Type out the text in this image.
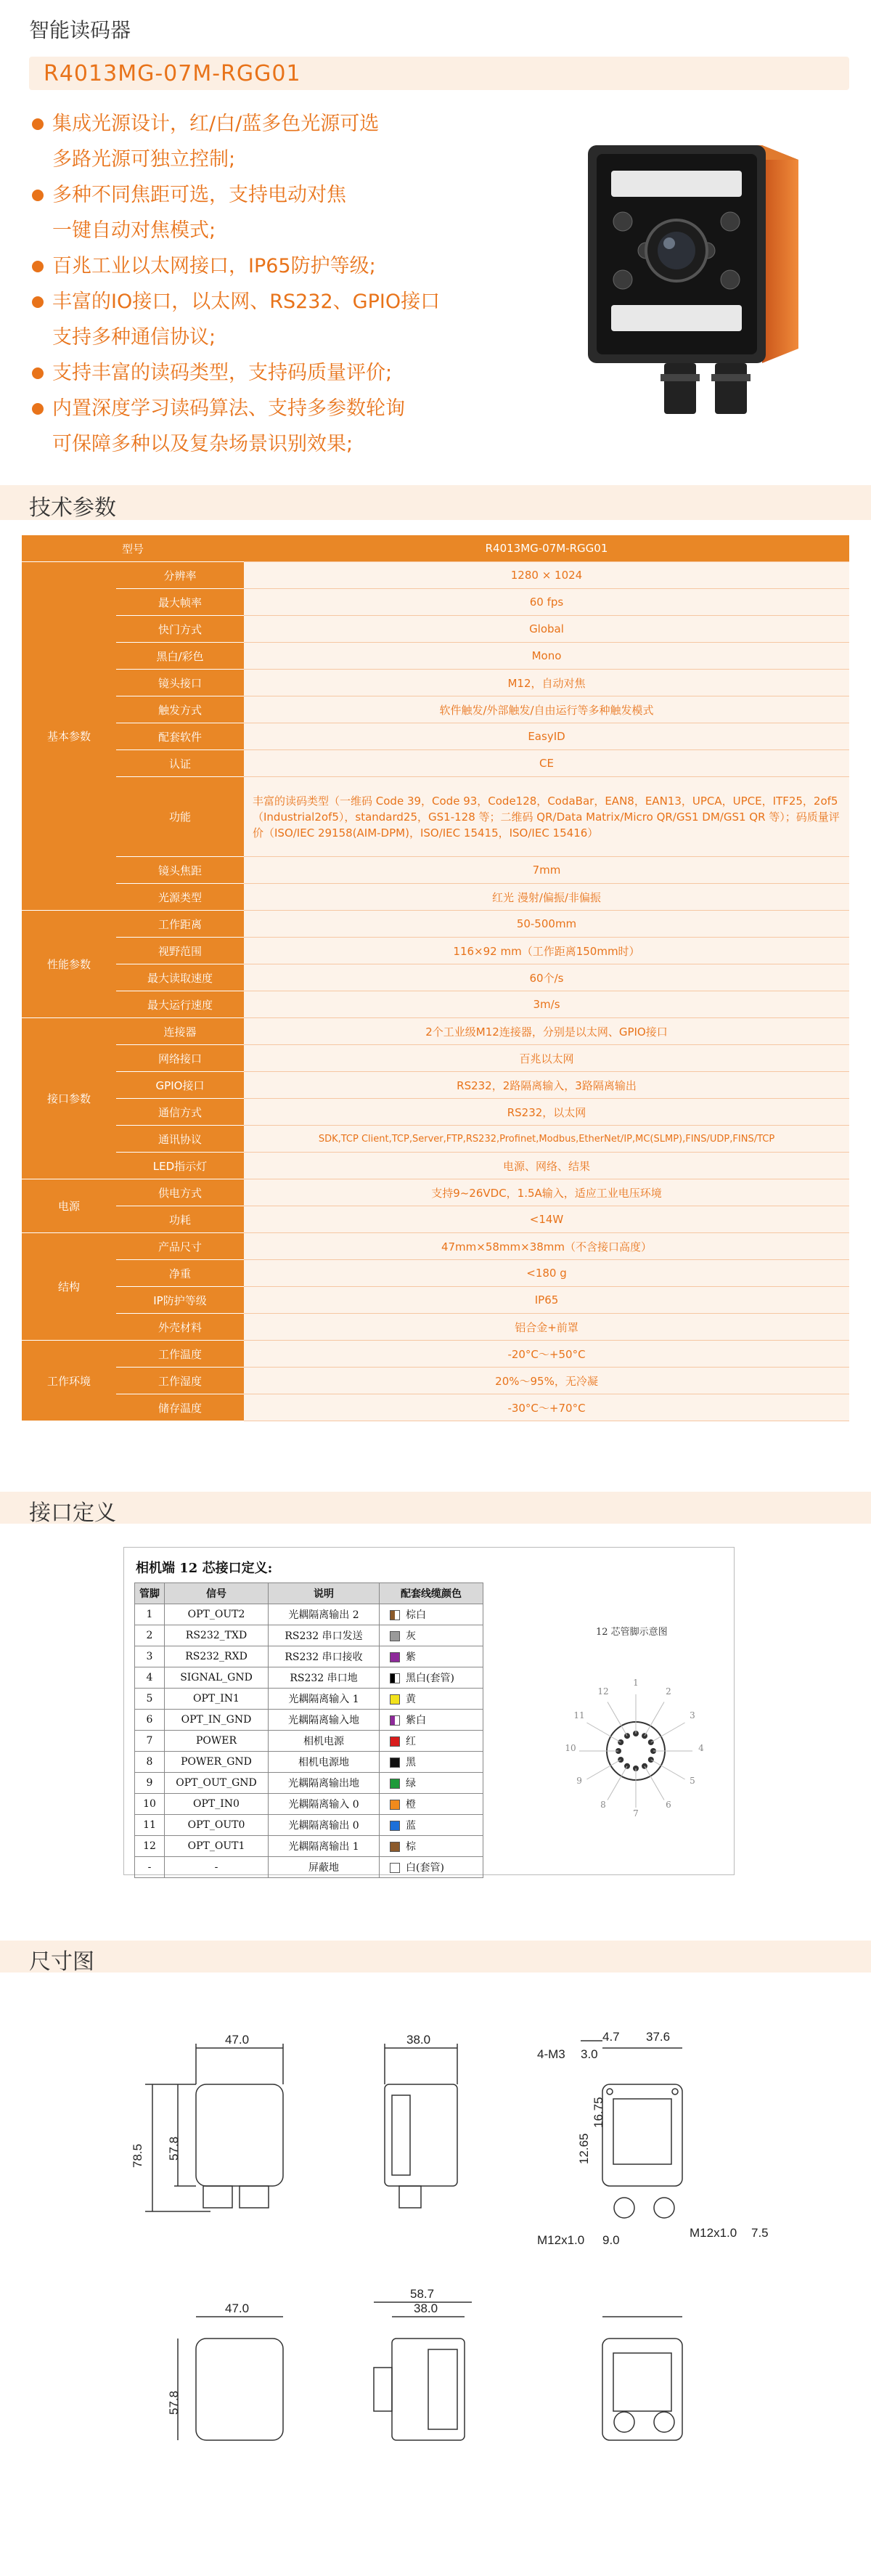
智能读码器
R4013MG-07M-RGG01
集成光源设计，红/白/蓝多色光源可选
多路光源可独立控制;
多种不同焦距可选，支持电动对焦
一键自动对焦模式;
百兆工业以太网接口，IP65防护等级;
丰富的IO接口，以太网、RS232、GPIO接口
支持多种通信协议;
支持丰富的读码类型，支持码质量评价;
内置深度学习读码算法、支持多参数轮询
可保障多种以及复杂场景识别效果;
技术参数
型号		R4013MG-07M-RGG01
基本参数	分辨率	1280 × 1024
	最大帧率	60 fps
	快门方式	Global
	黑白/彩色	Mono
	镜头接口	M12，自动对焦
	触发方式	软件触发/外部触发/自由运行等多种触发模式
	配套软件	EasyID
	认证	CE
	功能	丰富的读码类型（一维码 Code 39，Code 93，Code128，CodaBar，EAN8，EAN13，UPCA，UPCE，ITF25，2of5（Industrial2of5），standard25，GS1-128 等；二维码 QR/Data Matrix/Micro QR/GS1 DM/GS1 QR 等）；码质量评价（ISO/IEC 29158(AIM-DPM)，ISO/IEC 15415，ISO/IEC 15416）
	镜头焦距	7mm
	光源类型	红光 漫射/偏振/非偏振
性能参数	工作距离	50-500mm
	视野范围	116×92 mm（工作距离150mm时）
	最大读取速度	60个/s
	最大运行速度	3m/s
接口参数	连接器	2个工业级M12连接器，分别是以太网、GPIO接口
	网络接口	百兆以太网
	GPIO接口	RS232，2路隔离输入，3路隔离输出
	通信方式	RS232，以太网
	通讯协议	SDK,TCP Client,TCP,Server,FTP,RS232,Profinet,Modbus,EtherNet/IP,MC(SLMP),FINS/UDP,FINS/TCP
	LED指示灯	电源、网络、结果
电源	供电方式	支持9~26VDC，1.5A输入，适应工业电压环境
	功耗	<14W
结构	产品尺寸	47mm×58mm×38mm（不含接口高度）
	净重	<180 g
	IP防护等级	IP65
	外壳材料	铝合金+前罩
工作环境	工作温度	-20°C～+50°C
	工作湿度	20%～95%，无冷凝
	储存温度	-30°C～+70°C
接口定义
相机端 12 芯接口定义:
管脚	信号	说明	配套线缆颜色
1	OPT_OUT2	光耦隔离输出 2	棕白
2	RS232_TXD	RS232 串口发送	灰
3	RS232_RXD	RS232 串口接收	紫
4	SIGNAL_GND	RS232 串口地	黑白(套管)
5	OPT_IN1	光耦隔离输入 1	黄
6	OPT_IN_GND	光耦隔离输入地	紫白
7	POWER	相机电源	红
8	POWER_GND	相机电源地	黑
9	OPT_OUT_GND	光耦隔离输出地	绿
10	OPT_IN0	光耦隔离输入 0	橙
11	OPT_OUT0	光耦隔离输出 0	蓝
12	OPT_OUT1	光耦隔离输出 1	棕
-	-	屏蔽地	白(套管)
12 芯管脚示意图
1
2
3
4
5
6
7
8
9
10
11
12
尺寸图
47.0
78.5 57.8
38.0
4-M3 3.0
4.7 37.6
M12x1.0 9.0
M12x1.0 7.5
47.0
57.8
58.7
38.0
12.65
16.75
